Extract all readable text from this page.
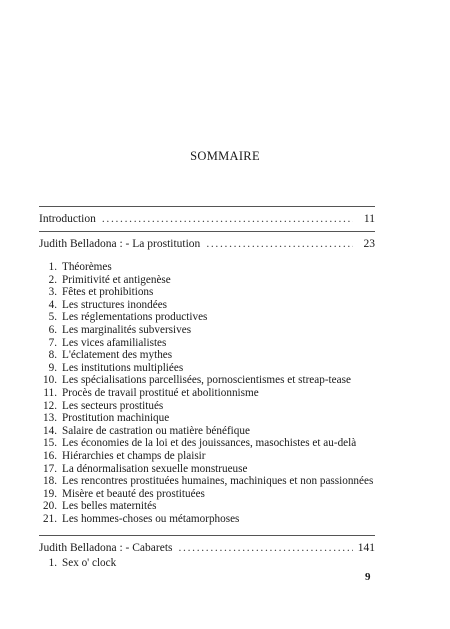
SOMMAIRE
Introduction . . .	11
Judith Belladona : - La prostitution . . .	23
1. Théorèmes
2. Primitivité et antigenèse
3. Fêtes et prohibitions
4. Les structures inondées
5. Les réglementations productives
6. Les marginalités subversives
7. Les vices afamilialistes
8. L'éclatement des mythes
9. Les institutions multipliées
10. Les spécialisations parcellisées, pornoscientismes et streap-tease
11. Procès de travail prostitué et abolitionnisme
12. Les secteurs prostitués
13. Prostitution machinique
14. Salaire de castration ou matière bénéfique
15. Les économies de la loi et des jouissances, masochistes et au-delà
16. Hiérarchies et champs de plaisir
17. La dénormalisation sexuelle monstrueuse
18. Les rencontres prostituées humaines, machiniques et non passionnées
19. Misère et beauté des prostituées
20. Les belles maternités
21. Les hommes-choses ou métamorphoses
Judith Belladona : - Cabarets . . .	141
1. Sex o' clock
9
